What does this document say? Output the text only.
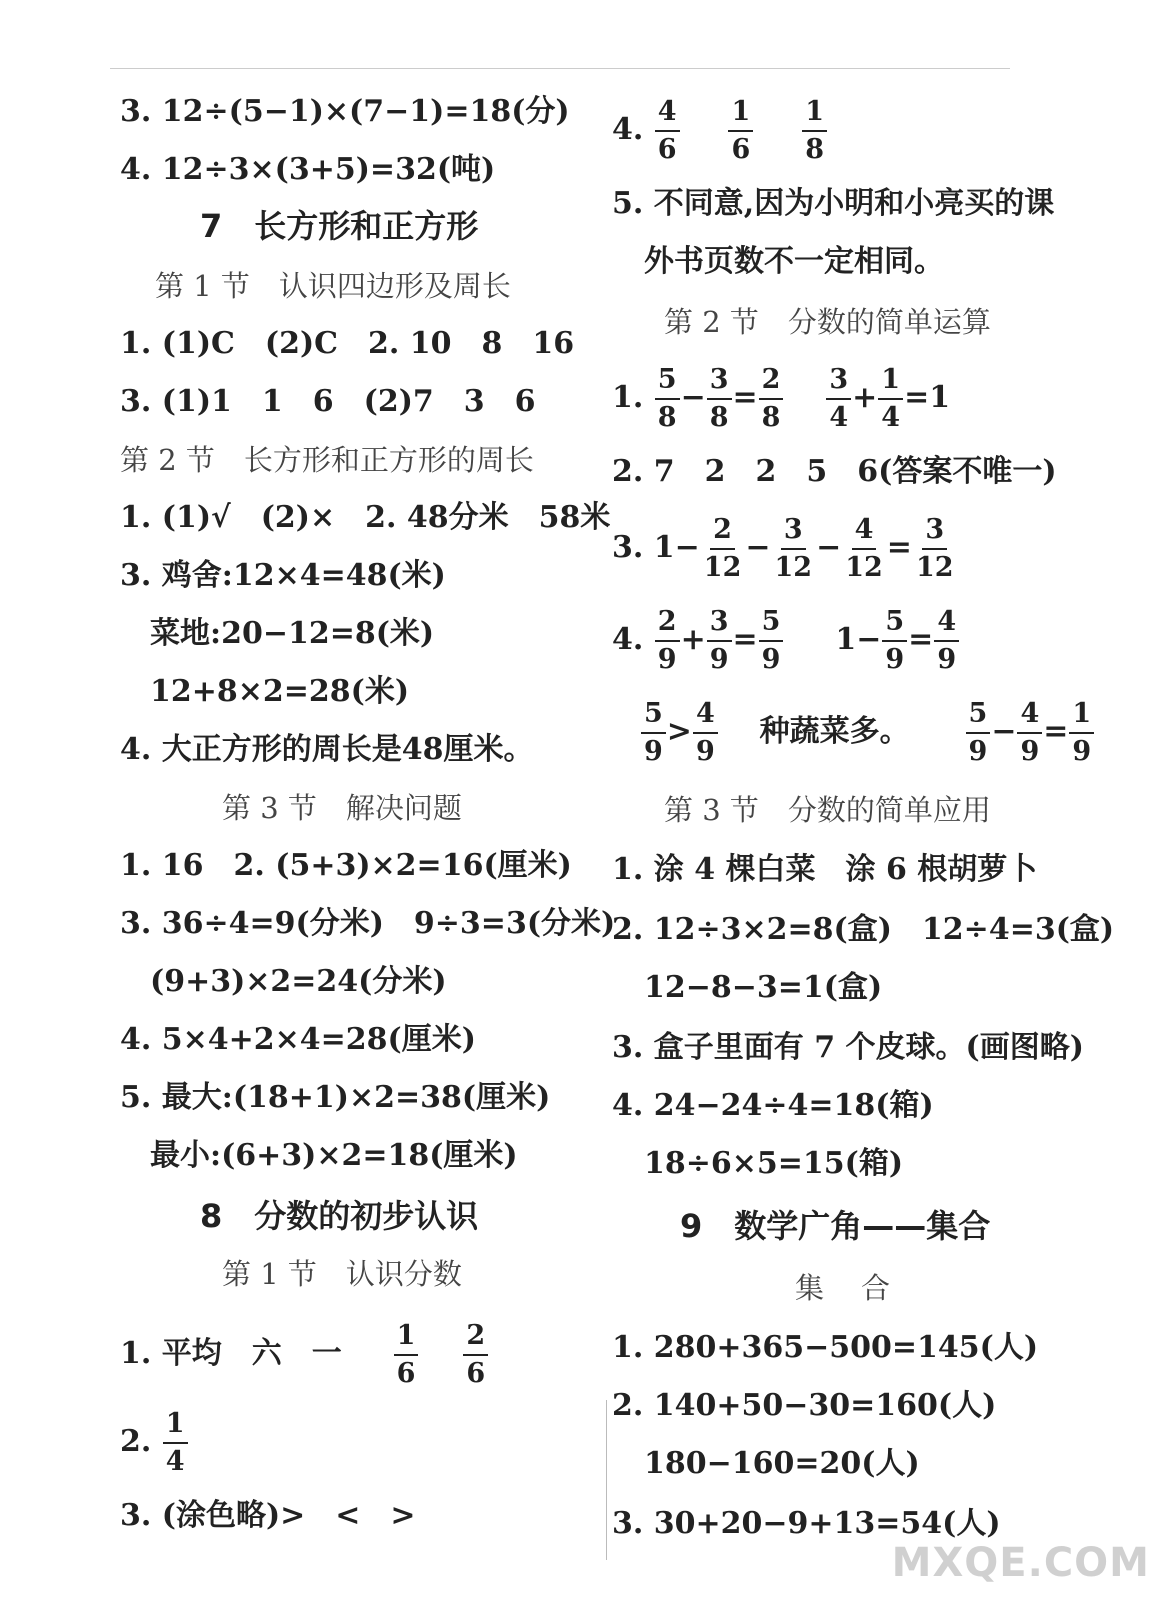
3. 12÷(5−1)×(7−1)=18(分)
4. 12÷3×(3+5)=32(吨)
7　长方形和正方形
第 1 节　认识四边形及周长
1. (1)C　(2)C　2. 10　8　16
3. (1)1　1　6　(2)7　3　6
第 2 节　长方形和正方形的周长
1. (1)√　(2)×　2. 48分米　58米
3. 鸡舍:12×4=48(米)
菜地:20−12=8(米)
12+8×2=28(米)
4. 大正方形的周长是48厘米。
第 3 节　解决问题
1. 16　2. (5+3)×2=16(厘米)
3. 36÷4=9(分米)　9÷3=3(分米)
(9+3)×2=24(分米)
4. 5×4+2×4=28(厘米)
5. 最大:(18+1)×2=38(厘米)
最小:(6+3)×2=18(厘米)
8　分数的初步认识
第 1 节　认识分数
1. 平均　六　一 $\frac{1}{6}$
$\frac{2}{6}$
2. $\frac{1}{4}$
3. (涂色略)>　<　>
4. $\frac{4}{6}$
$\frac{1}{6}$
$\frac{1}{8}$
5. 不同意,因为小明和小亮买的课
外书页数不一定相同。
第 2 节　分数的简单运算
1. $\frac{5}{8} - \frac{3}{8} = \frac{2}{8}$
$\frac{3}{4} + \frac{1}{4} =1$
2. 7　2　2　5　6(答案不唯一)
3. $1- \frac{2}{12} - \frac{3}{12} - \frac{4}{12} = \frac{3}{12}$
4. $\frac{2}{9} + \frac{3}{9} = \frac{5}{9} 1- \frac{5}{9} = \frac{4}{9}$
$\frac{5}{9} > \frac{4}{9}$ 种蔬菜多。 $\frac{5}{9} - \frac{4}{9} = \frac{1}{9}$
第 3 节　分数的简单应用
1. 涂 4 棵白菜　涂 6 根胡萝卜
2. 12÷3×2=8(盒)　12÷4=3(盒)
12−8−3=1(盒)
3. 盒子里面有 7 个皮球。(画图略)
4. 24−24÷4=18(箱)
18÷6×5=15(箱)
9　数学广角——集合
集　合
1. 280+365−500=145(人)
2. 140+50−30=160(人)
180−160=20(人)
3. 30+20−9+13=54(人)
MXQE.COM
